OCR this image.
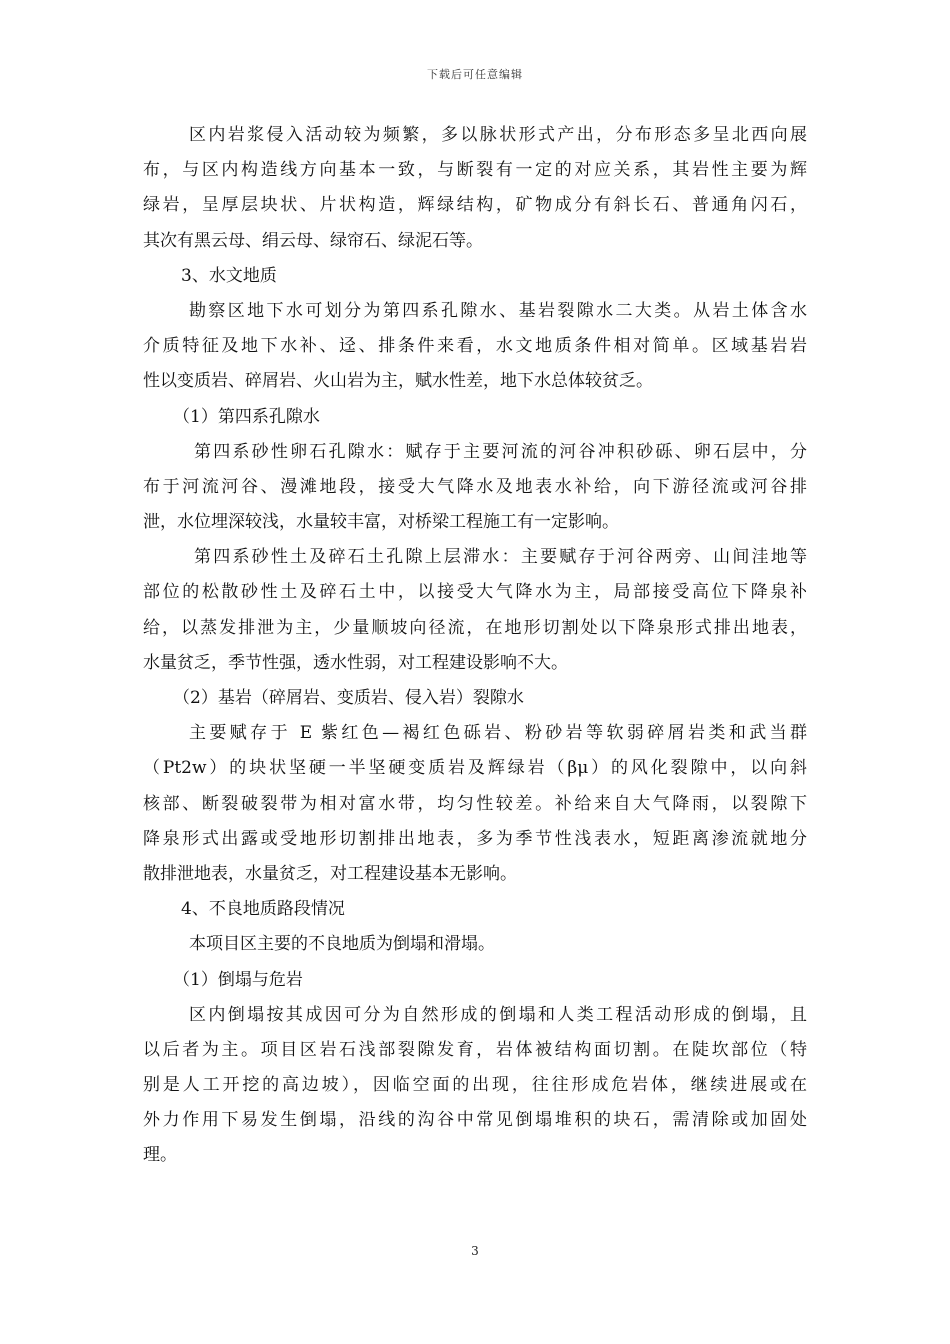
下载后可任意编辑
区内岩浆侵入活动较为频繁，多以脉状形式产出，分布形态多呈北西向展
布，与区内构造线方向基本一致，与断裂有一定的对应关系，其岩性主要为辉
绿岩，呈厚层块状、片状构造，辉绿结构，矿物成分有斜长石、普通角闪石，
其次有黑云母、绢云母、绿帘石、绿泥石等。
3、水文地质
勘察区地下水可划分为第四系孔隙水、基岩裂隙水二大类。从岩土体含水
介质特征及地下水补、迳、排条件来看，水文地质条件相对简单。区域基岩岩
性以变质岩、碎屑岩、火山岩为主，赋水性差，地下水总体较贫乏。
（1）第四系孔隙水
第四系砂性卵石孔隙水：赋存于主要河流的河谷冲积砂砾、卵石层中，分
布于河流河谷、漫滩地段，接受大气降水及地表水补给，向下游径流或河谷排
泄，水位埋深较浅，水量较丰富，对桥梁工程施工有一定影响。
第四系砂性土及碎石土孔隙上层滞水：主要赋存于河谷两旁、山间洼地等
部位的松散砂性土及碎石土中，以接受大气降水为主，局部接受高位下降泉补
给，以蒸发排泄为主，少量顺坡向径流，在地形切割处以下降泉形式排出地表，
水量贫乏，季节性强，透水性弱，对工程建设影响不大。
（2）基岩（碎屑岩、变质岩、侵入岩）裂隙水
主要赋存于 E 紫红色—褐红色砾岩、粉砂岩等软弱碎屑岩类和武当群
（Pt2w）的块状坚硬一半坚硬变质岩及辉绿岩（βμ）的风化裂隙中，以向斜
核部、断裂破裂带为相对富水带，均匀性较差。补给来自大气降雨，以裂隙下
降泉形式出露或受地形切割排出地表，多为季节性浅表水，短距离渗流就地分
散排泄地表，水量贫乏，对工程建设基本无影响。
4、不良地质路段情况
本项目区主要的不良地质为倒塌和滑塌。
（1）倒塌与危岩
区内倒塌按其成因可分为自然形成的倒塌和人类工程活动形成的倒塌，且
以后者为主。项目区岩石浅部裂隙发育，岩体被结构面切割。在陡坎部位（特
别是人工开挖的高边坡），因临空面的出现，往往形成危岩体，继续进展或在
外力作用下易发生倒塌，沿线的沟谷中常见倒塌堆积的块石，需清除或加固处
理。
3
